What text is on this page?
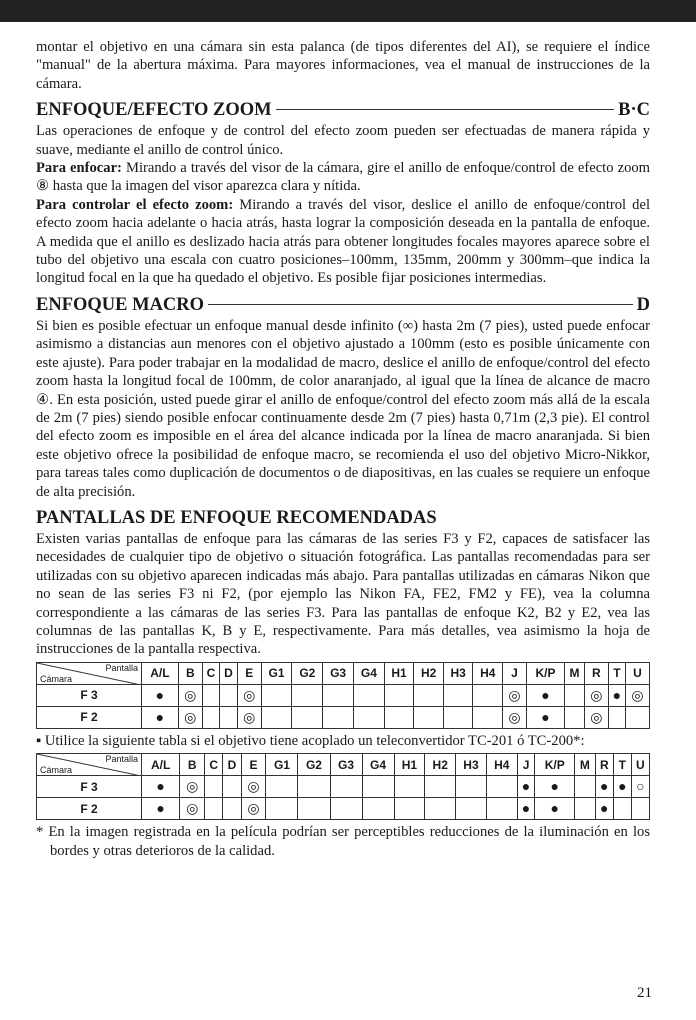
montar el objetivo en una cámara sin esta palanca (de tipos diferentes del AI), se requiere el índice "manual" de la abertura máxima. Para mayores informaciones, vea el manual de instrucciones de la cámara.

ENFOQUE/EFECTO ZOOM	B·C

Las operaciones de enfoque y de control del efecto zoom pueden ser efectuadas de manera rápida y suave, mediante el anillo de control único.

Para enfocar: Mirando a través del visor de la cámara, gire el anillo de enfoque/control de efecto zoom ⑧ hasta que la imagen del visor aparezca clara y nítida.

Para controlar el efecto zoom: Mirando a través del visor, deslice el anillo de enfoque/control del efecto zoom hacia adelante o hacia atrás, hasta lograr la composición deseada en la pantalla de enfoque. A medida que el anillo es deslizado hacia atrás para obtener longitudes focales mayores aparece sobre el tubo del objetivo una escala con cuatro posiciones–100mm, 135mm, 200mm y 300mm–que indica la longitud focal en la que ha quedado el objetivo. Es posible fijar posiciones intermedias.

ENFOQUE MACRO	D

Si bien es posible efectuar un enfoque manual desde infinito (∞) hasta 2m (7 pies), usted puede enfocar asimismo a distancias aun menores con el objetivo ajustado a 100mm (esto es posible únicamente con este ajuste). Para poder trabajar en la modalidad de macro, deslice el anillo de enfoque/control del efecto zoom hasta la longitud focal de 100mm, de color anaranjado, al igual que la línea de alcance de macro ④. En esta posición, usted puede girar el anillo de enfoque/control del efecto zoom más allá de la escala de 2m (7 pies) siendo posible enfocar continuamente desde 2m (7 pies) hasta 0,71m (2,3 pie). El control del efecto zoom es imposible en el área del alcance indicada por la línea de macro anaranjada. Si bien este objetivo ofrece la posibilidad de enfoque macro, se recomienda el uso del objetivo Micro-Nikkor, para tareas tales como duplicación de documentos o de diapositivas, en las cuales se requiere un enfoque de alta precisión.

PANTALLAS DE ENFOQUE RECOMENDADAS

Existen varias pantallas de enfoque para las cámaras de las series F3 y F2, capaces de satisfacer las necesidades de cualquier tipo de objetivo o situación fotográfica. Las pantallas recomendadas para ser utilizadas con su objetivo aparecen indicadas más abajo. Para pantallas utilizadas en cámaras Nikon que no sean de las series F3 ni F2, (por ejemplo las Nikon FA, FE2, FM2 y FE), vea la columna correspondiente a las cámaras de las series F3. Para las pantallas de enfoque K2, B2 y E2, vea las columnas de las pantallas K, B y E, respectivamente. Para más detalles, vea asimismo la hoja de instrucciones de la pantalla respectiva.

Pantalla
Cámara	A/L	B	C	D	E	G1	G2	G3	G4	H1	H2	H3	H4	J	K/P	M	R	T	U
F 3	●	◎			◎									◎	●		◎	●	◎
F 2	●	◎			◎									◎	●		◎		

▪ Utilice la siguiente tabla si el objetivo tiene acoplado un teleconvertidor TC-201 ó TC-200*:

Pantalla
Cámara	A/L	B	C	D	E	G1	G2	G3	G4	H1	H2	H3	H4	J	K/P	M	R	T	U
F 3	●	◎			◎									●	●		●	●	○
F 2	●	◎			◎									●	●		●		

* En la imagen registrada en la película podrían ser perceptibles reducciones de la iluminación en los bordes y otras deterioros de la calidad.

21
